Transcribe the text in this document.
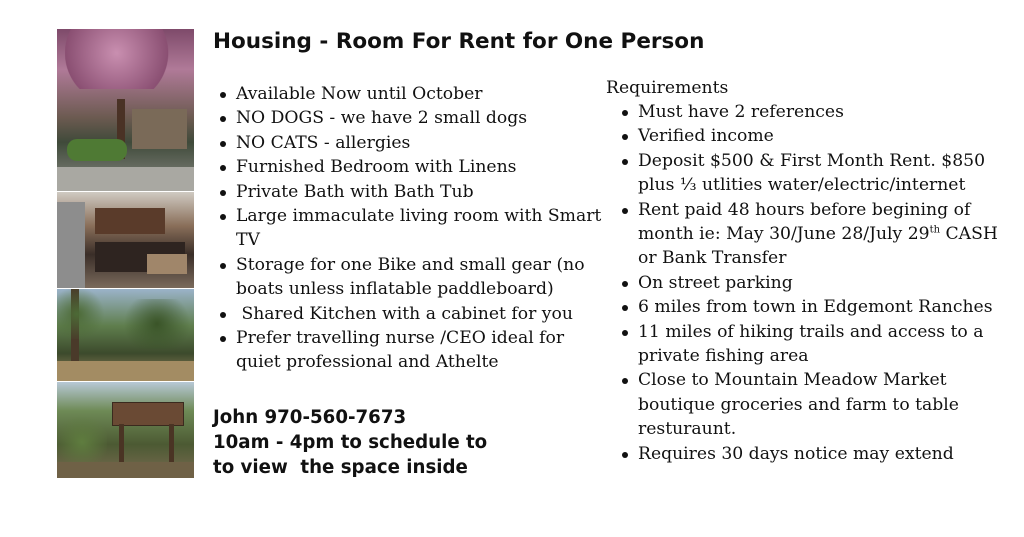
Housing - Room For Rent for One Person
Available Now until October
NO DOGS - we have 2 small dogs
NO CATS - allergies
Furnished Bedroom with Linens
Private Bath with Bath Tub
Large immaculate living room with Smart TV
Storage for one Bike and small gear (no boats unless inflatable paddleboard)
Shared Kitchen with a cabinet for you
Prefer travelling nurse /CEO ideal for quiet professional and Athelte
Requirements
Must have 2 references
Verified income
Deposit $500 & First Month Rent. $850 plus ⅓ utlities water/electric/internet
Rent paid 48 hours before begining of month ie: May 30/June 28/July 29th CASH or Bank Transfer
On street parking
6 miles from town in Edgemont Ranches
11 miles of hiking trails and access to a private fishing area
Close to Mountain Meadow Market boutique groceries and farm to table resturaunt.
Requires 30 days notice may extend
John 970-560-7673
10am - 4pm to schedule to
to view  the space inside
